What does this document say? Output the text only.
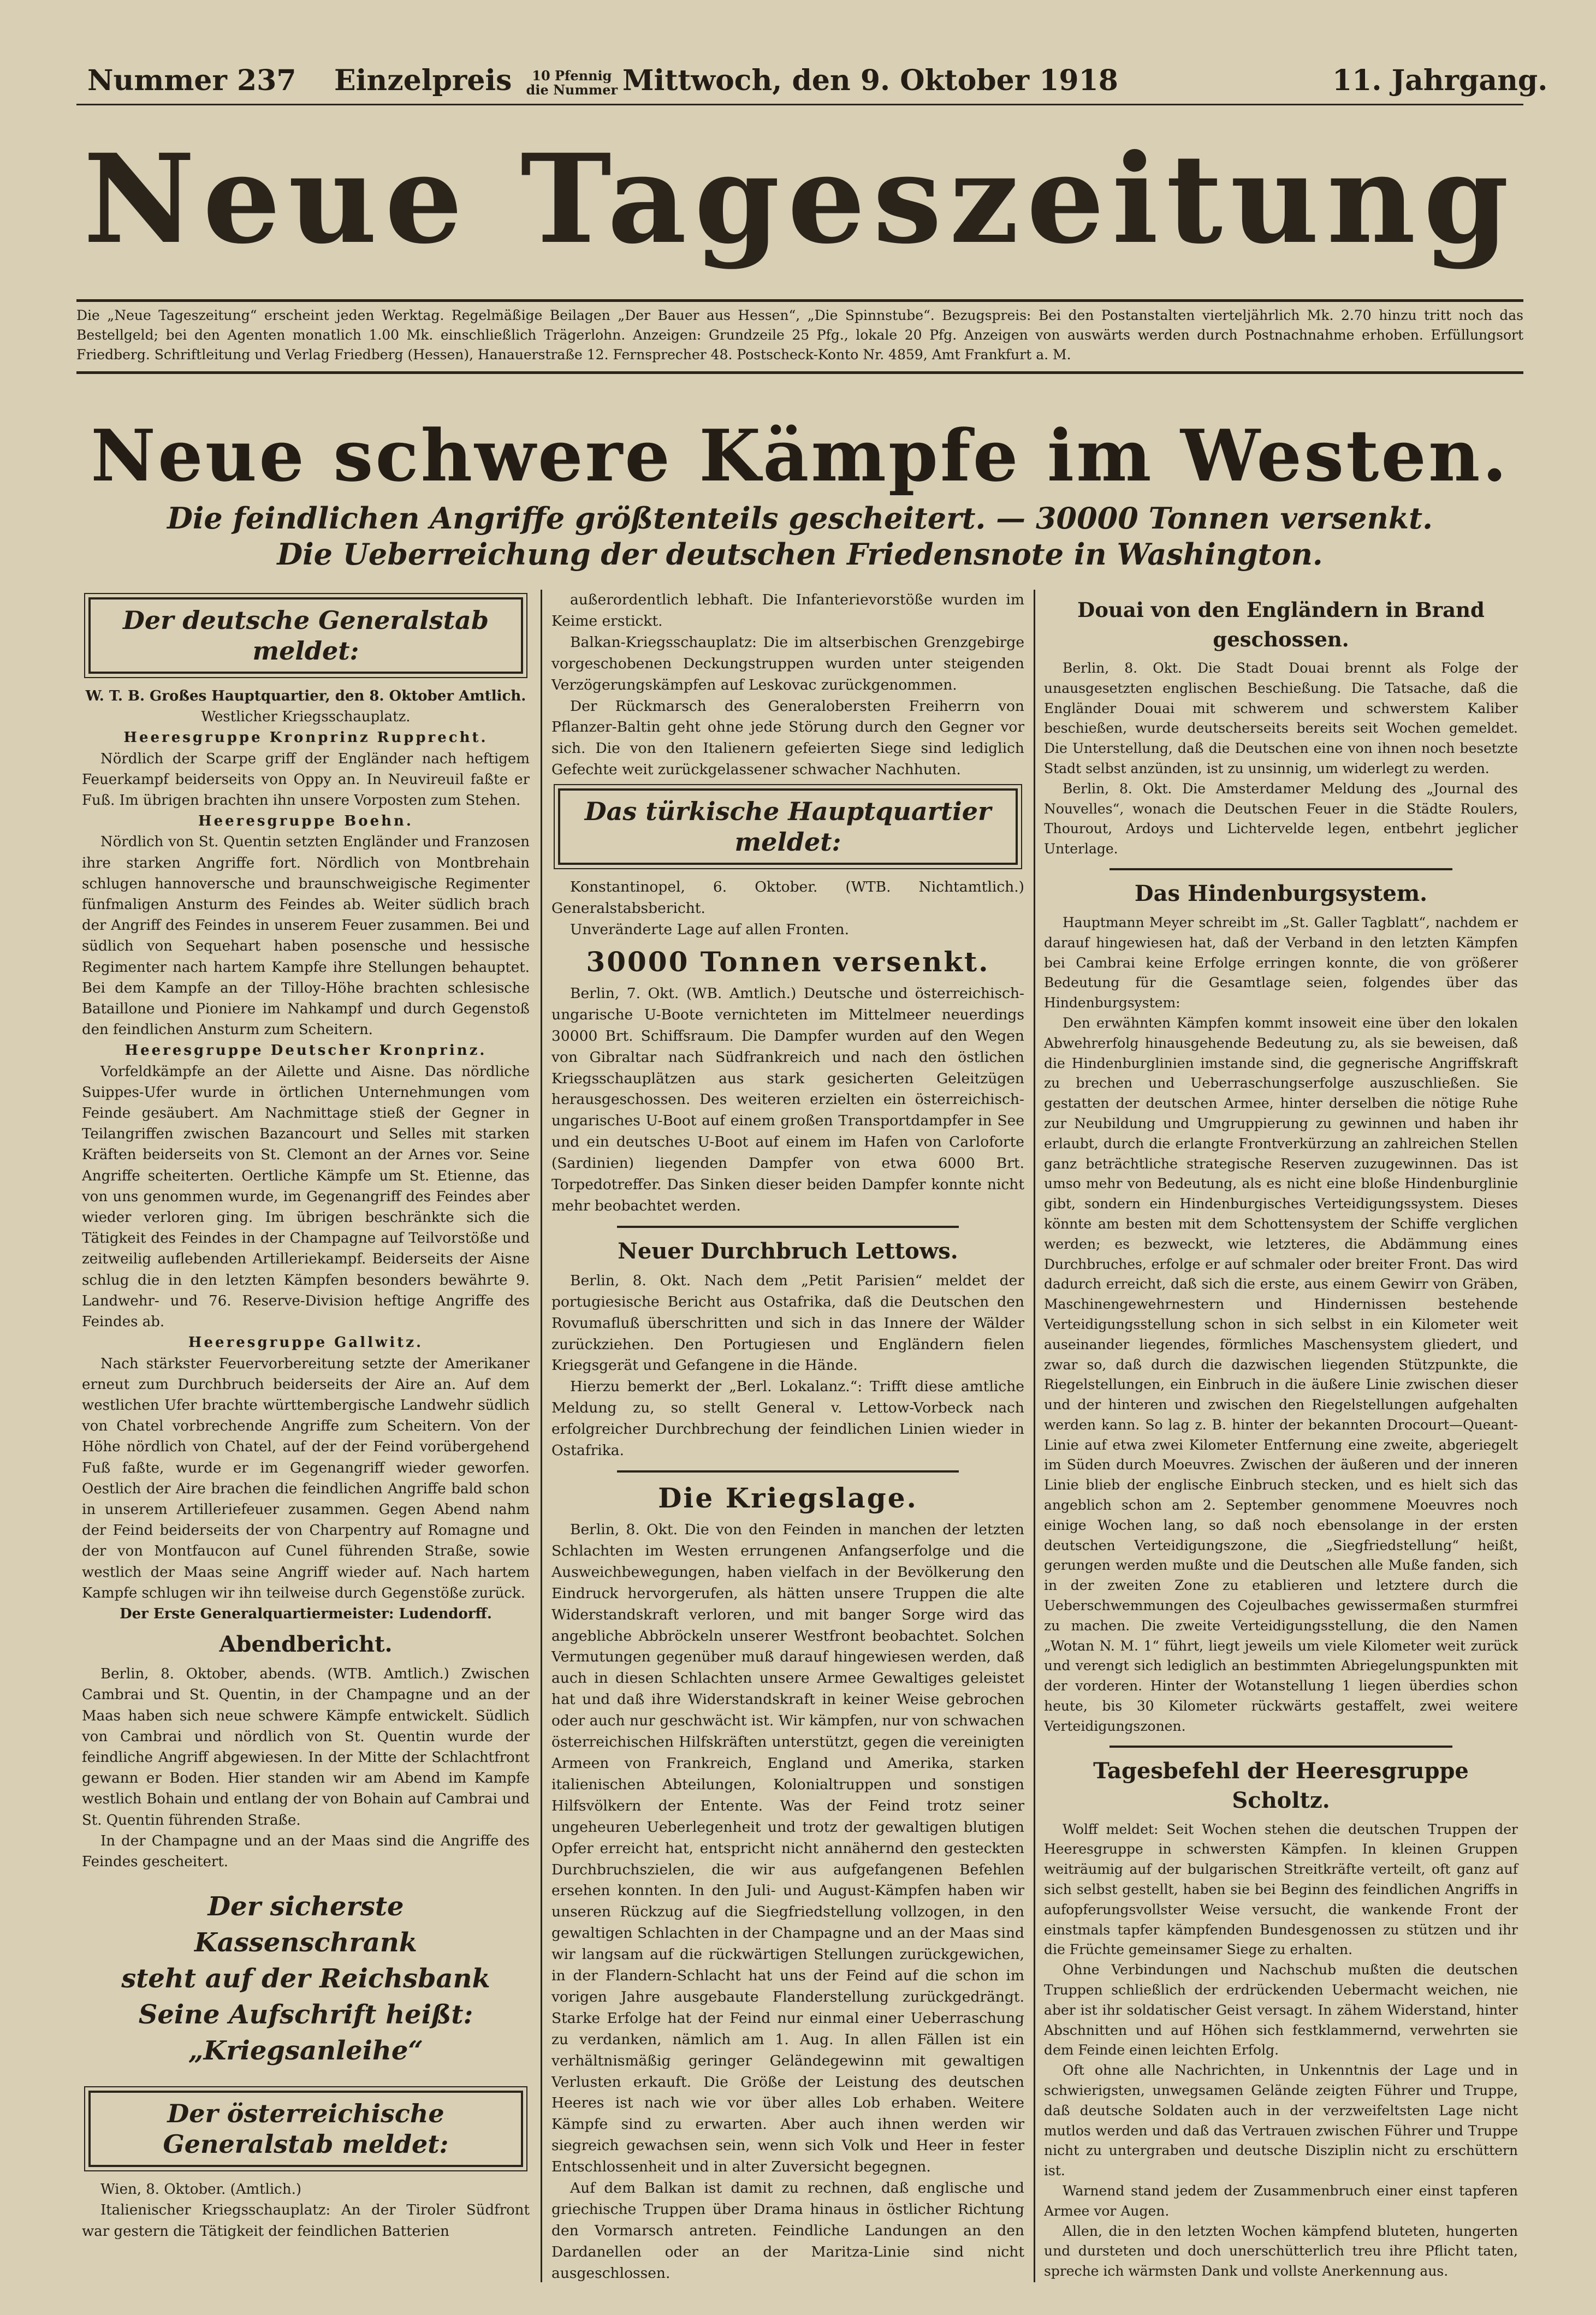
Nummer 237 Einzelpreis 10 Pfennig
die Nummer Mittwoch, den 9. Oktober 1918	11. Jahrgang.
Neue Tageszeitung
Die „Neue Tageszeitung“ erscheint jeden Werktag. Regelmäßige Beilagen „Der Bauer aus Hessen“, „Die Spinnstube“. Bezugspreis: Bei den Postanstalten vierteljährlich Mk. 2.70 hinzu tritt noch das Bestellgeld; bei den Agenten monatlich 1.00 Mk. einschließlich Trägerlohn. Anzeigen: Grundzeile 25 Pfg., lokale 20 Pfg. Anzeigen von auswärts werden durch Postnachnahme erhoben. Erfüllungsort Friedberg. Schriftleitung und Verlag Friedberg (Hessen), Hanauerstraße 12. Fernsprecher 48. Postscheck-Konto Nr. 4859, Amt Frankfurt a. M.
Neue schwere Kämpfe im Westen.
Die feindlichen Angriffe größtenteils gescheitert. — 30000 Tonnen versenkt.
Die Ueberreichung der deutschen Friedensnote in Washington.
Der deutsche Generalstab meldet:

W. T. B. Großes Hauptquartier, den 8. Oktober Amtlich.

Westlicher Kriegsschauplatz.

Heeresgruppe Kronprinz Rupprecht.

Nördlich der Scarpe griff der Engländer nach heftigem Feuerkampf beiderseits von Oppy an. In Neuvireuil faßte er Fuß. Im übrigen brachten ihn unsere Vorposten zum Stehen.

Heeresgruppe Boehn.

Nördlich von St. Quentin setzten Engländer und Franzosen ihre starken Angriffe fort. Nördlich von Montbrehain schlugen hannoversche und braunschweigische Regimenter fünfmaligen Ansturm des Feindes ab. Weiter südlich brach der Angriff des Feindes in unserem Feuer zusammen. Bei und südlich von Sequehart haben posensche und hessische Regimenter nach hartem Kampfe ihre Stellungen behauptet. Bei dem Kampfe an der Tilloy-Höhe brachten schlesische Bataillone und Pioniere im Nahkampf und durch Gegenstoß den feindlichen Ansturm zum Scheitern.

Heeresgruppe Deutscher Kronprinz.

Vorfeldkämpfe an der Ailette und Aisne. Das nördliche Suippes-Ufer wurde in örtlichen Unternehmungen vom Feinde gesäubert. Am Nachmittage stieß der Gegner in Teilangriffen zwischen Bazancourt und Selles mit starken Kräften beiderseits von St. Clemont an der Arnes vor. Seine Angriffe scheiterten. Oertliche Kämpfe um St. Etienne, das von uns genommen wurde, im Gegenangriff des Feindes aber wieder verloren ging. Im übrigen beschränkte sich die Tätigkeit des Feindes in der Champagne auf Teilvorstöße und zeitweilig auflebenden Artilleriekampf. Beiderseits der Aisne schlug die in den letzten Kämpfen besonders bewährte 9. Landwehr- und 76. Reserve-Division heftige Angriffe des Feindes ab.

Heeresgruppe Gallwitz.

Nach stärkster Feuervorbereitung setzte der Amerikaner erneut zum Durchbruch beiderseits der Aire an. Auf dem westlichen Ufer brachte württembergische Landwehr südlich von Chatel vorbrechende Angriffe zum Scheitern. Von der Höhe nördlich von Chatel, auf der der Feind vorübergehend Fuß faßte, wurde er im Gegenangriff wieder geworfen. Oestlich der Aire brachen die feindlichen Angriffe bald schon in unserem Artilleriefeuer zusammen. Gegen Abend nahm der Feind beiderseits der von Charpentry auf Romagne und der von Montfaucon auf Cunel führenden Straße, sowie westlich der Maas seine Angriff wieder auf. Nach hartem Kampfe schlugen wir ihn teilweise durch Gegenstöße zurück.

Der Erste Generalquartiermeister: Ludendorff.

Abendbericht.

Berlin, 8. Oktober, abends. (WTB. Amtlich.) Zwischen Cambrai und St. Quentin, in der Champagne und an der Maas haben sich neue schwere Kämpfe entwickelt. Südlich von Cambrai und nördlich von St. Quentin wurde der feindliche Angriff abgewiesen. In der Mitte der Schlachtfront gewann er Boden. Hier standen wir am Abend im Kampfe westlich Bohain und entlang der von Bohain auf Cambrai und St. Quentin führenden Straße.

In der Champagne und an der Maas sind die Angriffe des Feindes gescheitert.

Der sicherste
Kassenschrank
steht auf der Reichsbank
Seine Aufschrift heißt:
„Kriegsanleihe“
Der österreichische Generalstab meldet:

Wien, 8. Oktober. (Amtlich.)

Italienischer Kriegsschauplatz: An der Tiroler Südfront war gestern die Tätigkeit der feindlichen Batterien

außerordentlich lebhaft. Die Infanterievorstöße wurden im Keime erstickt.

Balkan-Kriegsschauplatz: Die im altserbischen Grenzgebirge vorgeschobenen Deckungstruppen wurden unter steigenden Verzögerungskämpfen auf Leskovac zurückgenommen.

Der Rückmarsch des Generalobersten Freiherrn von Pflanzer-Baltin geht ohne jede Störung durch den Gegner vor sich. Die von den Italienern gefeierten Siege sind lediglich Gefechte weit zurückgelassener schwacher Nachhuten.

Das türkische Hauptquartier meldet:

Konstantinopel, 6. Oktober. (WTB. Nichtamtlich.) Generalstabsbericht.

Unveränderte Lage auf allen Fronten.

30000 Tonnen versenkt.

Berlin, 7. Okt. (WB. Amtlich.) Deutsche und österreichisch-ungarische U-Boote vernichteten im Mittelmeer neuerdings 30000 Brt. Schiffsraum. Die Dampfer wurden auf den Wegen von Gibraltar nach Südfrankreich und nach den östlichen Kriegsschauplätzen aus stark gesicherten Geleitzügen herausgeschossen. Des weiteren erzielten ein österreichisch-ungarisches U-Boot auf einem großen Transportdampfer in See und ein deutsches U-Boot auf einem im Hafen von Carloforte (Sardinien) liegenden Dampfer von etwa 6000 Brt. Torpedotreffer. Das Sinken dieser beiden Dampfer konnte nicht mehr beobachtet werden.

Neuer Durchbruch Lettows.

Berlin, 8. Okt. Nach dem „Petit Parisien“ meldet der portugiesische Bericht aus Ostafrika, daß die Deutschen den Rovumafluß überschritten und sich in das Innere der Wälder zurückziehen. Den Portugiesen und Engländern fielen Kriegsgerät und Gefangene in die Hände.

Hierzu bemerkt der „Berl. Lokalanz.“: Trifft diese amtliche Meldung zu, so stellt General v. Lettow-Vorbeck nach erfolgreicher Durchbrechung der feindlichen Linien wieder in Ostafrika.

Die Kriegslage.

Berlin, 8. Okt. Die von den Feinden in manchen der letzten Schlachten im Westen errungenen Anfangserfolge und die Ausweichbewegungen, haben vielfach in der Bevölkerung den Eindruck hervorgerufen, als hätten unsere Truppen die alte Widerstandskraft verloren, und mit banger Sorge wird das angebliche Abbröckeln unserer Westfront beobachtet. Solchen Vermutungen gegenüber muß darauf hingewiesen werden, daß auch in diesen Schlachten unsere Armee Gewaltiges geleistet hat und daß ihre Widerstandskraft in keiner Weise gebrochen oder auch nur geschwächt ist. Wir kämpfen, nur von schwachen österreichischen Hilfskräften unterstützt, gegen die vereinigten Armeen von Frankreich, England und Amerika, starken italienischen Abteilungen, Kolonialtruppen und sonstigen Hilfsvölkern der Entente. Was der Feind trotz seiner ungeheuren Ueberlegenheit und trotz der gewaltigen blutigen Opfer erreicht hat, entspricht nicht annähernd den gesteckten Durchbruchszielen, die wir aus aufgefangenen Befehlen ersehen konnten. In den Juli- und August-Kämpfen haben wir unseren Rückzug auf die Siegfriedstellung vollzogen, in den gewaltigen Schlachten in der Champagne und an der Maas sind wir langsam auf die rückwärtigen Stellungen zurückgewichen, in der Flandern-Schlacht hat uns der Feind auf die schon im vorigen Jahre ausgebaute Flanderstellung zurückgedrängt. Starke Erfolge hat der Feind nur einmal einer Ueberraschung zu verdanken, nämlich am 1. Aug. In allen Fällen ist ein verhältnismäßig geringer Geländegewinn mit gewaltigen Verlusten erkauft. Die Größe der Leistung des deutschen Heeres ist nach wie vor über alles Lob erhaben. Weitere Kämpfe sind zu erwarten. Aber auch ihnen werden wir siegreich gewachsen sein, wenn sich Volk und Heer in fester Entschlossenheit und in alter Zuversicht begegnen.

Auf dem Balkan ist damit zu rechnen, daß englische und griechische Truppen über Drama hinaus in östlicher Richtung den Vormarsch antreten. Feindliche Landungen an den Dardanellen oder an der Maritza-Linie sind nicht ausgeschlossen.

Douai von den Engländern in Brand geschossen.

Berlin, 8. Okt. Die Stadt Douai brennt als Folge der unausgesetzten englischen Beschießung. Die Tatsache, daß die Engländer Douai mit schwerem und schwerstem Kaliber beschießen, wurde deutscherseits bereits seit Wochen gemeldet. Die Unterstellung, daß die Deutschen eine von ihnen noch besetzte Stadt selbst anzünden, ist zu unsinnig, um widerlegt zu werden.

Berlin, 8. Okt. Die Amsterdamer Meldung des „Journal des Nouvelles“, wonach die Deutschen Feuer in die Städte Roulers, Thourout, Ardoys und Lichtervelde legen, entbehrt jeglicher Unterlage.

Das Hindenburgsystem.

Hauptmann Meyer schreibt im „St. Galler Tagblatt“, nachdem er darauf hingewiesen hat, daß der Verband in den letzten Kämpfen bei Cambrai keine Erfolge erringen konnte, die von größerer Bedeutung für die Gesamtlage seien, folgendes über das Hindenburgsystem:

Den erwähnten Kämpfen kommt insoweit eine über den lokalen Abwehrerfolg hinausgehende Bedeutung zu, als sie beweisen, daß die Hindenburglinien imstande sind, die gegnerische Angriffskraft zu brechen und Ueberraschungserfolge auszuschließen. Sie gestatten der deutschen Armee, hinter derselben die nötige Ruhe zur Neubildung und Umgruppierung zu gewinnen und haben ihr erlaubt, durch die erlangte Frontverkürzung an zahlreichen Stellen ganz beträchtliche strategische Reserven zuzugewinnen. Das ist umso mehr von Bedeutung, als es nicht eine bloße Hindenburglinie gibt, sondern ein Hindenburgisches Verteidigungssystem. Dieses könnte am besten mit dem Schottensystem der Schiffe verglichen werden; es bezweckt, wie letzteres, die Abdämmung eines Durchbruches, erfolge er auf schmaler oder breiter Front. Das wird dadurch erreicht, daß sich die erste, aus einem Gewirr von Gräben, Maschinengewehrnestern und Hindernissen bestehende Verteidigungsstellung schon in sich selbst in ein Kilometer weit auseinander liegendes, förmliches Maschensystem gliedert, und zwar so, daß durch die dazwischen liegenden Stützpunkte, die Riegelstellungen, ein Einbruch in die äußere Linie zwischen dieser und der hinteren und zwischen den Riegelstellungen aufgehalten werden kann. So lag z. B. hinter der bekannten Drocourt—Queant-Linie auf etwa zwei Kilometer Entfernung eine zweite, abgeriegelt im Süden durch Moeuvres. Zwischen der äußeren und der inneren Linie blieb der englische Einbruch stecken, und es hielt sich das angeblich schon am 2. September genommene Moeuvres noch einige Wochen lang, so daß noch ebensolange in der ersten deutschen Verteidigungszone, die „Siegfriedstellung“ heißt, gerungen werden mußte und die Deutschen alle Muße fanden, sich in der zweiten Zone zu etablieren und letztere durch die Ueberschwemmungen des Cojeulbaches gewissermaßen sturmfrei zu machen. Die zweite Verteidigungsstellung, die den Namen „Wotan N. M. 1“ führt, liegt jeweils um viele Kilometer weit zurück und verengt sich lediglich an bestimmten Abriegelungspunkten mit der vorderen. Hinter der Wotanstellung 1 liegen überdies schon heute, bis 30 Kilometer rückwärts gestaffelt, zwei weitere Verteidigungszonen.

Tagesbefehl der Heeresgruppe Scholtz.

Wolff meldet: Seit Wochen stehen die deutschen Truppen der Heeresgruppe in schwersten Kämpfen. In kleinen Gruppen weiträumig auf der bulgarischen Streitkräfte verteilt, oft ganz auf sich selbst gestellt, haben sie bei Beginn des feindlichen Angriffs in aufopferungsvollster Weise versucht, die wankende Front der einstmals tapfer kämpfenden Bundesgenossen zu stützen und ihr die Früchte gemeinsamer Siege zu erhalten.

Ohne Verbindungen und Nachschub mußten die deutschen Truppen schließlich der erdrückenden Uebermacht weichen, nie aber ist ihr soldatischer Geist versagt. In zähem Widerstand, hinter Abschnitten und auf Höhen sich festklammernd, verwehrten sie dem Feinde einen leichten Erfolg.

Oft ohne alle Nachrichten, in Unkenntnis der Lage und in schwierigsten, unwegsamen Gelände zeigten Führer und Truppe, daß deutsche Soldaten auch in der verzweifeltsten Lage nicht mutlos werden und daß das Vertrauen zwischen Führer und Truppe nicht zu untergraben und deutsche Disziplin nicht zu erschüttern ist.

Warnend stand jedem der Zusammenbruch einer einst tapferen Armee vor Augen.

Allen, die in den letzten Wochen kämpfend bluteten, hungerten und dursteten und doch unerschütterlich treu ihre Pflicht taten, spreche ich wärmsten Dank und vollste Anerkennung aus.
